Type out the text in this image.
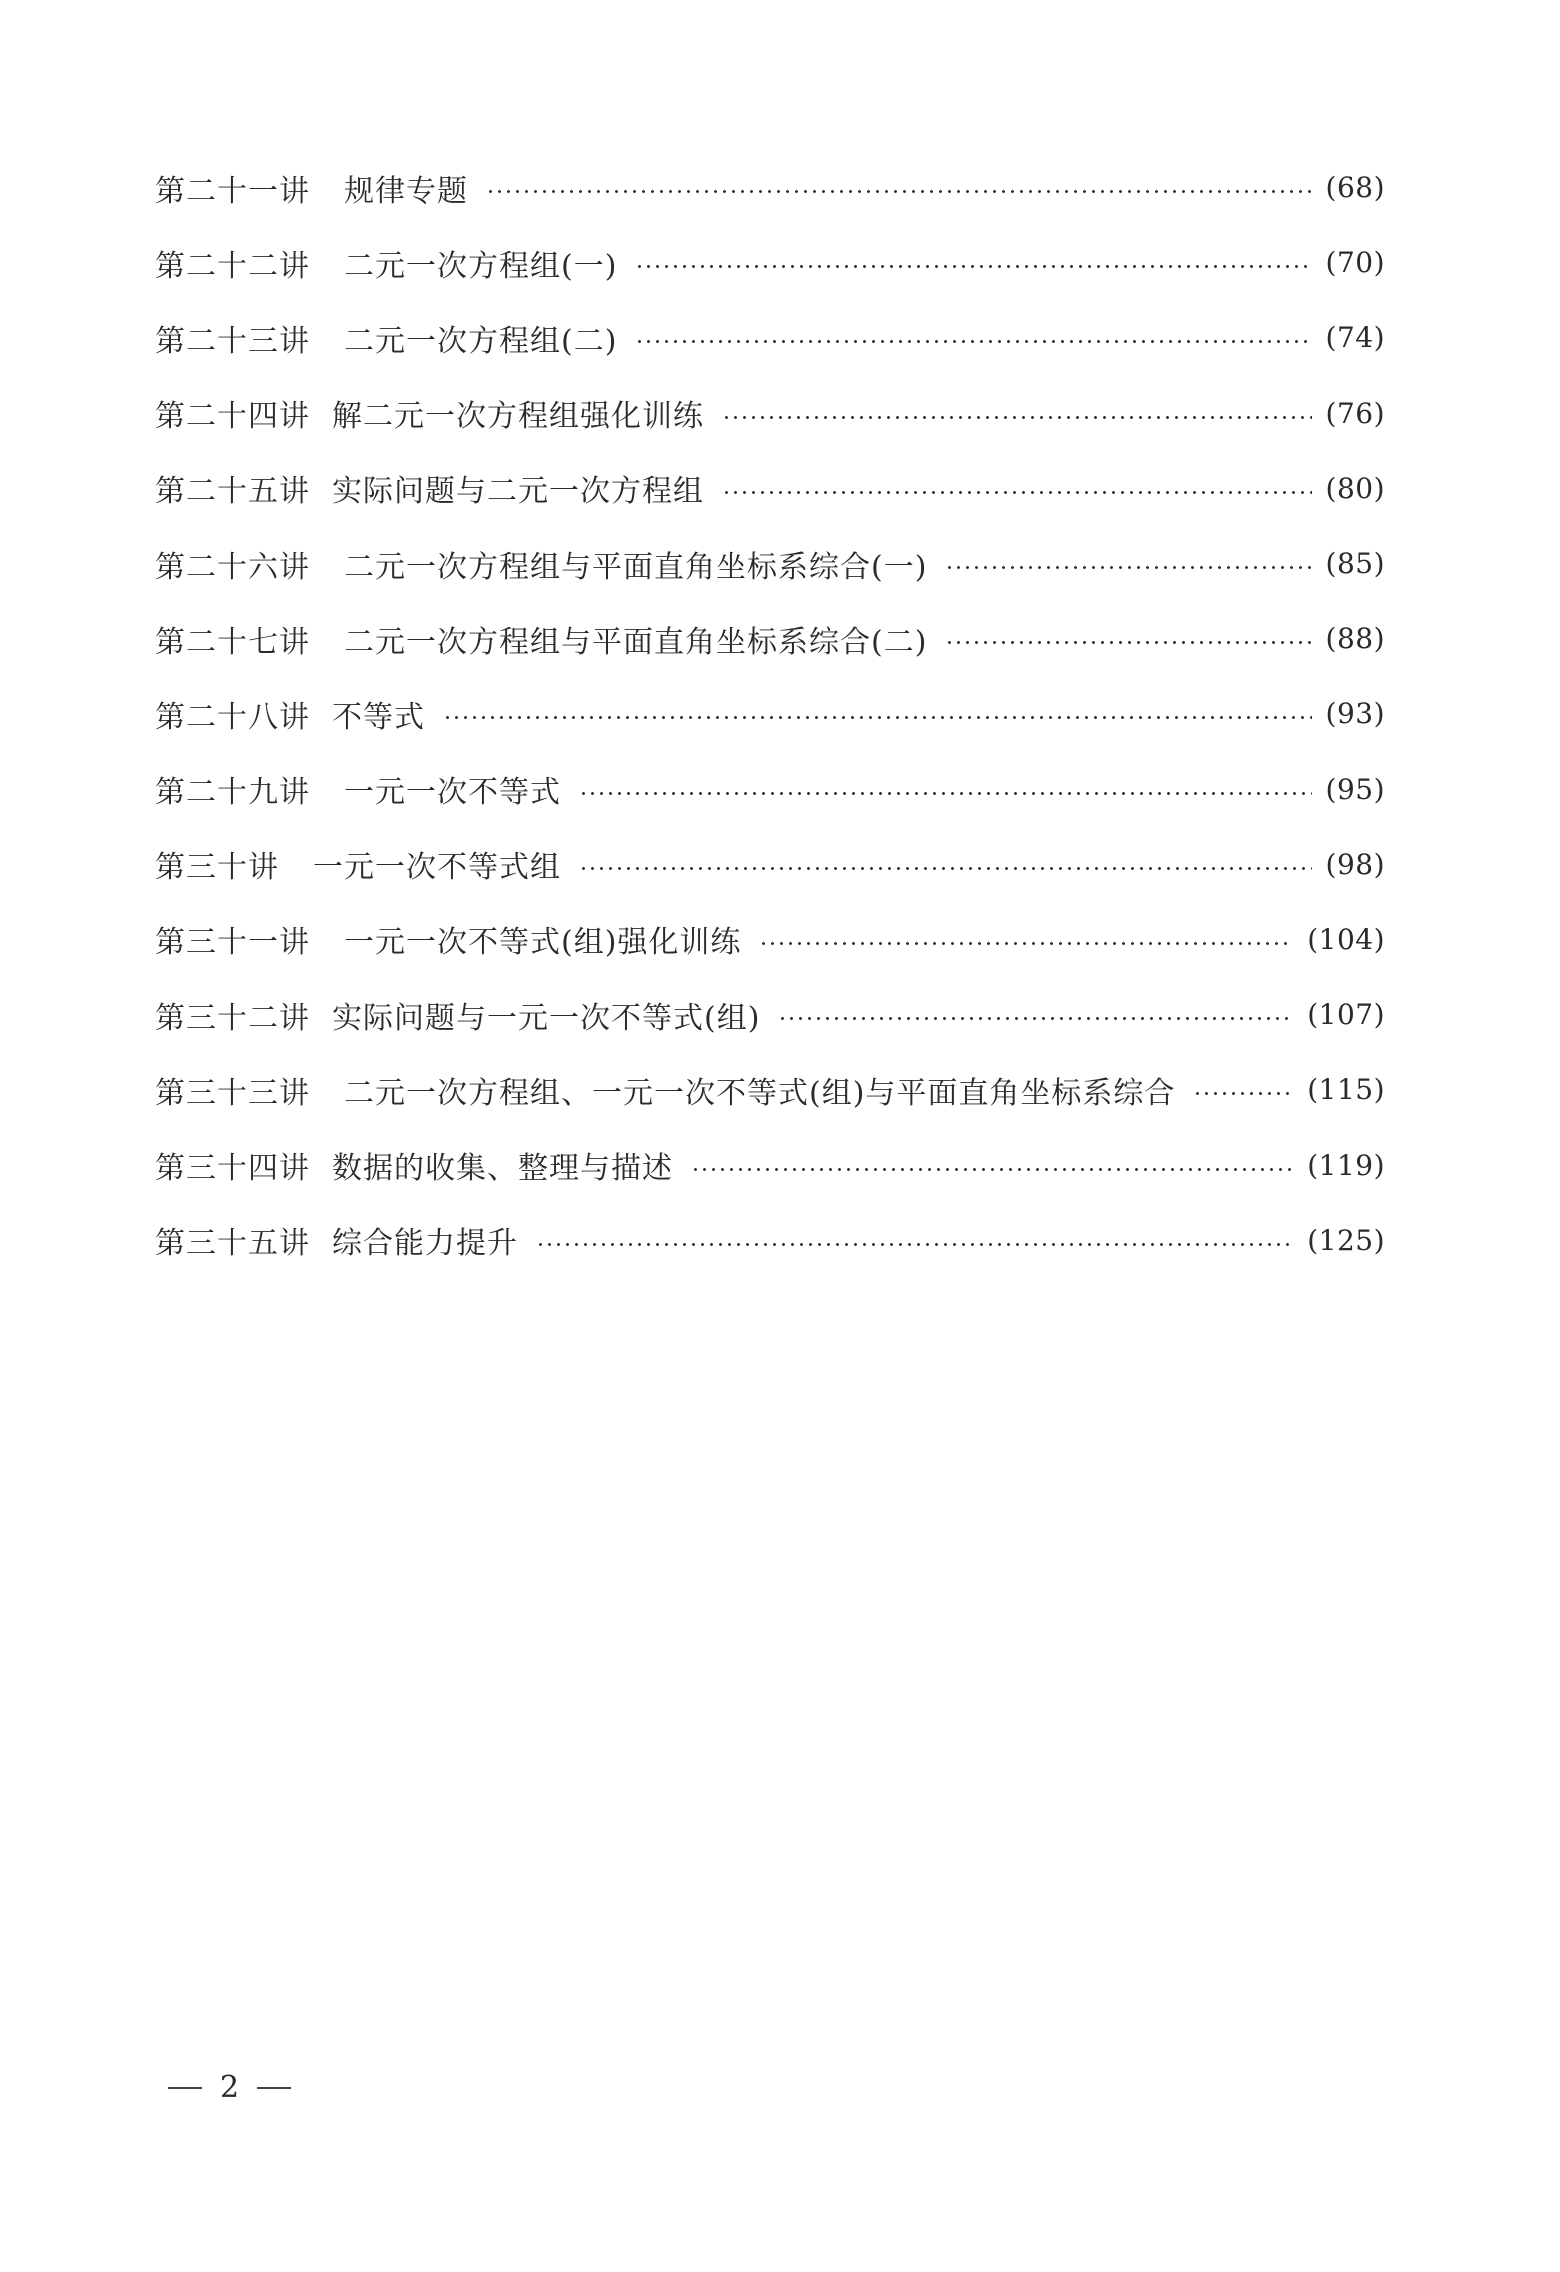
第二十一讲 规律专题	(68)
第二十二讲 二元一次方程组(一)	(70)
第二十三讲 二元一次方程组(二)	(74)
第二十四讲 解二元一次方程组强化训练	(76)
第二十五讲 实际问题与二元一次方程组	(80)
第二十六讲 二元一次方程组与平面直角坐标系综合(一)	(85)
第二十七讲 二元一次方程组与平面直角坐标系综合(二)	(88)
第二十八讲 不等式	(93)
第二十九讲 一元一次不等式	(95)
第三十讲 一元一次不等式组	(98)
第三十一讲 一元一次不等式(组)强化训练	(104)
第三十二讲 实际问题与一元一次不等式(组)	(107)
第三十三讲 二元一次方程组、一元一次不等式(组)与平面直角坐标系综合	(115)
第三十四讲 数据的收集、整理与描述	(119)
第三十五讲 综合能力提升	(125)
2
